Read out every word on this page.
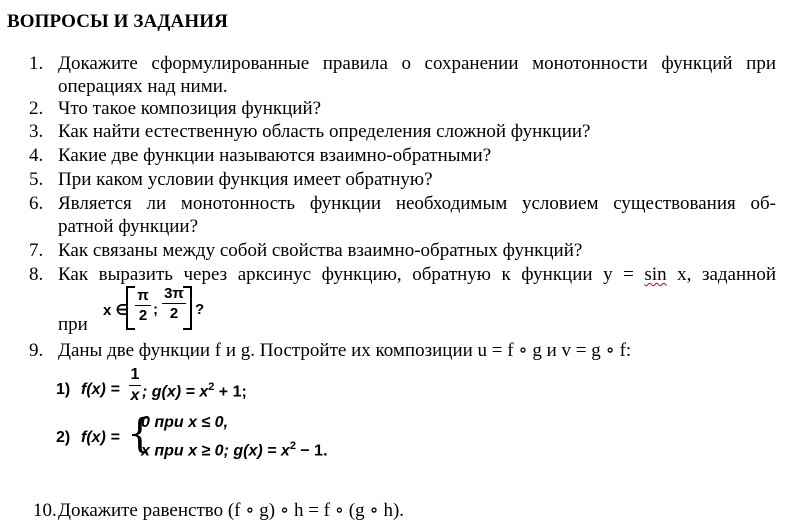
ВОПРОСЫ И ЗАДАНИЯ
1. Докажите сформулированные правила о сохранении монотонности функций при
операциях над ними.
2. Что такое композиция функций?
3. Как найти естественную область определения сложной функции?
4. Какие две функции называются взаимно-обратными?
5. При каком условии функция имеет обратную?
6. Является ли монотонность функции необходимым условием существования об-
ратной функции?
7. Как связаны между собой свойства взаимно-обратных функций?
8. Как выразить через арксинус функцию, обратную к функции y = sin x, заданной
при
x ∈
π
2 ;
3π
2	?
9. Даны две функции f и g. Постройте их композиции u = f ∘ g и v = g ∘ f:
1) f(x) =
1
x ; $g(x) = x^2 + 1$;
2) f(x) = {
0 при x ≤ 0,
x при x ≥ 0; $g(x) = x^2 - 1$.
10. Докажите равенство (f ∘ g) ∘ h = f ∘ (g ∘ h).
